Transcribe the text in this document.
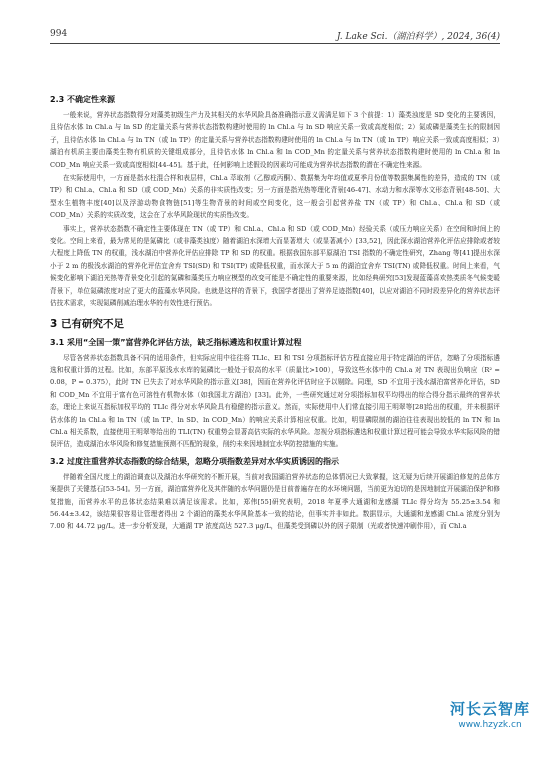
994	J. Lake Sci.（湖泊科学）, 2024, 36(4)
2.3 不确定性来源

一般来说，营养状态指数得分对藻类初级生产力及其相关的水华风险具备准确指示意义需满足如下 3 个前提：1）藻类浊度是 SD 变化的主要诱因，且待估水体 ln Chl.a 与 ln SD 的定量关系与营养状态指数构建时使用的 ln Chl.a 与 ln SD 响应关系一致或高度相似；2）氮或磷是藻类生长的限制因子，且待估水体 ln Chl.a 与 ln TN（或 ln TP）的定量关系与营养状态指数构建时使用的 ln Chl.a 与 ln TN（或 ln TP）响应关系一致或高度相似；3）湖泊有机质主要由藻类生物有机质的关键组成部分，且待估水体 ln Chl.a 和 ln COD_Mn 的定量关系与营养状态指数构建时使用的 ln Chl.a 和 ln COD_Mn 响应关系一致或高度相似[44-45]。基于此，任何影响上述假设的因素均可能成为营养状态指数的潜在不确定性来源。

在实际使用中，一方面是指水柱混合样和表层样，Chl.a 萃取剂（乙醇或丙酮）、数据集为年均值或夏季月份值等数据集属性的差异，造成的 TN（或 TP）和 Chl.a、Chl.a 和 SD（或 COD_Mn）关系的非实质性改变；另一方面是指光热等理化背景[46-47]、水动力和水深等水文形态背景[48-50]、大型水生植物丰度[40]以及浮游动物食物链[51]等生物背景的时间或空间变化，这一般会引起营养盐 TN（或 TP）和 Chl.a、Chl.a 和 SD（或 COD_Mn）关系的实质改变，这会在了水华风险现状的实质性改变。

事实上，营养状态指数不确定性主要体现在 TN（或 TP）和 Chl.a、Chl.a 和 SD（或 COD_Mn）经验关系（或压力响应关系）在空间和时间上的变化。空间上来看，最为常见的是氮磷比（或非藻类浊度）随着湖泊水深增大而显著增大（或显著减小）[33,52]，因此深水湖泊营养化评估应排除或者较大程度上降低 TN 的权重，浅水湖泊中营养化评估应排除 TP 和 SD 的权重。根据我国东部平原湖泊 TSI 指数的不确定性研究，Zhang 等[41]提出水深小于 2 m 的极浅水湖泊的营养化评估宜舍弃 TSI(SD) 和 TSI(TP) 或降低权重，而水深大于 5 m 的湖泊宜舍弃 TSI(TN) 或降低权重。时间上来看，气候变化影响下湖泊光热等背景变化引起的氮磷和藻类压力响应模型的改变可能是不确定性的重要来源，比如经典研究[53]发现蓝藻喜欢热类质冬气候变暖背景下，单位氮磷浓度对应了更大的蓝藻水华风险。也就是这样的背景下，我国学者提出了营养足迹指数[40]，以应对湖泊不同时段差异化的营养状态评估技术需求，实现氮磷削减治理水华的有效性进行预估。

3 已有研究不足
3.1 采用“全国一策”富营养化评估方法，缺乏指标遴选和权重计算过程

尽管各营养状态指数具备不同的适用条件，但实际应用中往往将 TLIc、EI 和 TSI 分项指标评估方程直接应用于特定湖泊的评估，忽略了分项指标遴选和权重计算的过程。比如，东部平原浅水水库的氮磷比一般处于很高的水平（质量比>100），导致这些水体中的 Chl.a 对 TN 表现出负响应（R² = 0.08，P = 0.375），此时 TN 已失去了对水华风险的指示意义[38]，因而在营养化评估时应予以剔除。同理，SD 不宜用于浅水湖泊富营养化评估，SD 和 COD_Mn 不宜用于富有色可溶性有机物水体（如我国北方湖泊）[33]。此外，一些研究通过对分项指标加权平均得出的综合得分指示最终的营养状态，理论上来说互指标加权平均的 TLIc 得分对水华风险具有稳健的指示意义。然而，实际使用中人们常直接引用王明翠等[28]给出的权重，并未根据评估水体的 ln Chl.a 和 ln TN（或 ln TP、ln SD、ln COD_Mn）的响应关系计算相应权重。比如，明显磷限制的湖泊往往表现出较低的 ln TN 和 ln Chl.a 相关系数，直接使用王明翠等给出的 TLI(TN) 权重势会显著高估实际的水华风险。忽视分项指标遴选和权重计算过程可能会导致水华实际风险的错误评估，造成湖泊水华风险和修复措施预测不匹配的现象，削约未来因地制宜水华防控措施的实施。

3.2 过度注重营养状态指数的综合结果，忽略分项指数差异对水华实质诱因的指示

伴随着全国尺度上的湖泊调查以及湖泊水华研究的不断开展，当前对我国湖泊营养状态的总体情况已大致掌握，这无疑为后续开展湖泊修复的总体方案提供了关键基石[53-54]。另一方面，湖泊富营养化及其伴随的水华问题仍是目前普遍存在的水环境问题，当前更为迫切的是因地制宜开展湖泊保护和修复措施，而营养水平的总体状态结果难以满足该需求。比如，郑伟[55]研究表明，2018 年夏季大通湖和龙感湖 TLIc 得分均为 55.25±3.54 和 56.44±3.42，该结果很容易让管理者得出 2 个湖泊的藻类水华风险基本一致的结论，但事实并非如此。数据显示，大通湖和龙感湖 Chl.a 浓度分别为 7.00 和 44.72 μg/L。进一步分析发现，大通湖 TP 浓度高达 527.3 μg/L，但藻类受到磷以外的因子限制（光或者快速冲刷作用），而 Chl.a

河长云智库
www.hzyzk.cn
